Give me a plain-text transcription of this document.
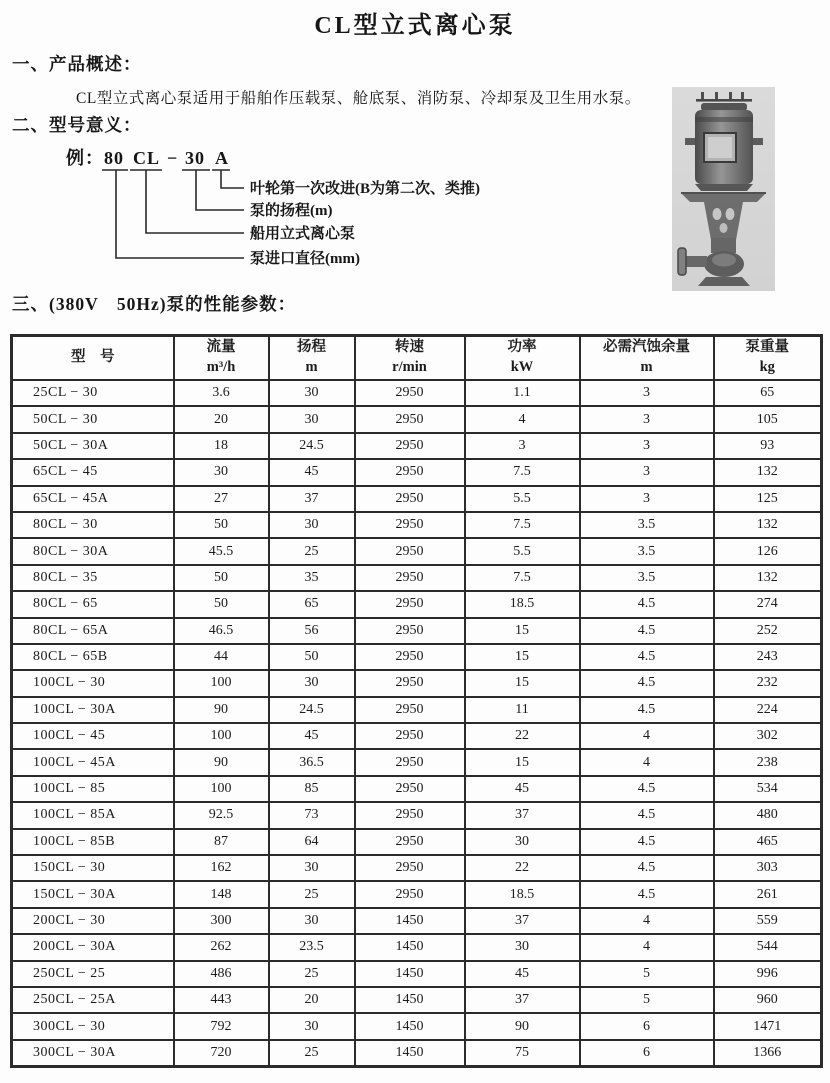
CL型立式离心泵
一、产品概述：
CL型立式离心泵适用于船舶作压载泵、舱底泵、消防泵、冷却泵及卫生用水泵。
二、型号意义：
例： 80 CL − 30 A
叶轮第一次改进(B为第二次、类推)
泵的扬程(m)
船用立式离心泵
泵进口直径(mm)
三、(380V　50Hz)泵的性能参数：
型　号

流量
m³/h

扬程
m

转速
r/min

功率
kW

必需汽蚀余量
m

泵重量
kg

25CL − 30	3.6	30	2950	1.1	3	65
50CL − 30	20	30	2950	4	3	105
50CL − 30A	18	24.5	2950	3	3	93
65CL − 45	30	45	2950	7.5	3	132
65CL − 45A	27	37	2950	5.5	3	125
80CL − 30	50	30	2950	7.5	3.5	132
80CL − 30A	45.5	25	2950	5.5	3.5	126
80CL − 35	50	35	2950	7.5	3.5	132
80CL − 65	50	65	2950	18.5	4.5	274
80CL − 65A	46.5	56	2950	15	4.5	252
80CL − 65B	44	50	2950	15	4.5	243
100CL − 30	100	30	2950	15	4.5	232
100CL − 30A	90	24.5	2950	11	4.5	224
100CL − 45	100	45	2950	22	4	302
100CL − 45A	90	36.5	2950	15	4	238
100CL − 85	100	85	2950	45	4.5	534
100CL − 85A	92.5	73	2950	37	4.5	480
100CL − 85B	87	64	2950	30	4.5	465
150CL − 30	162	30	2950	22	4.5	303
150CL − 30A	148	25	2950	18.5	4.5	261
200CL − 30	300	30	1450	37	4	559
200CL − 30A	262	23.5	1450	30	4	544
250CL − 25	486	25	1450	45	5	996
250CL − 25A	443	20	1450	37	5	960
300CL − 30	792	30	1450	90	6	1471
300CL − 30A	720	25	1450	75	6	1366
